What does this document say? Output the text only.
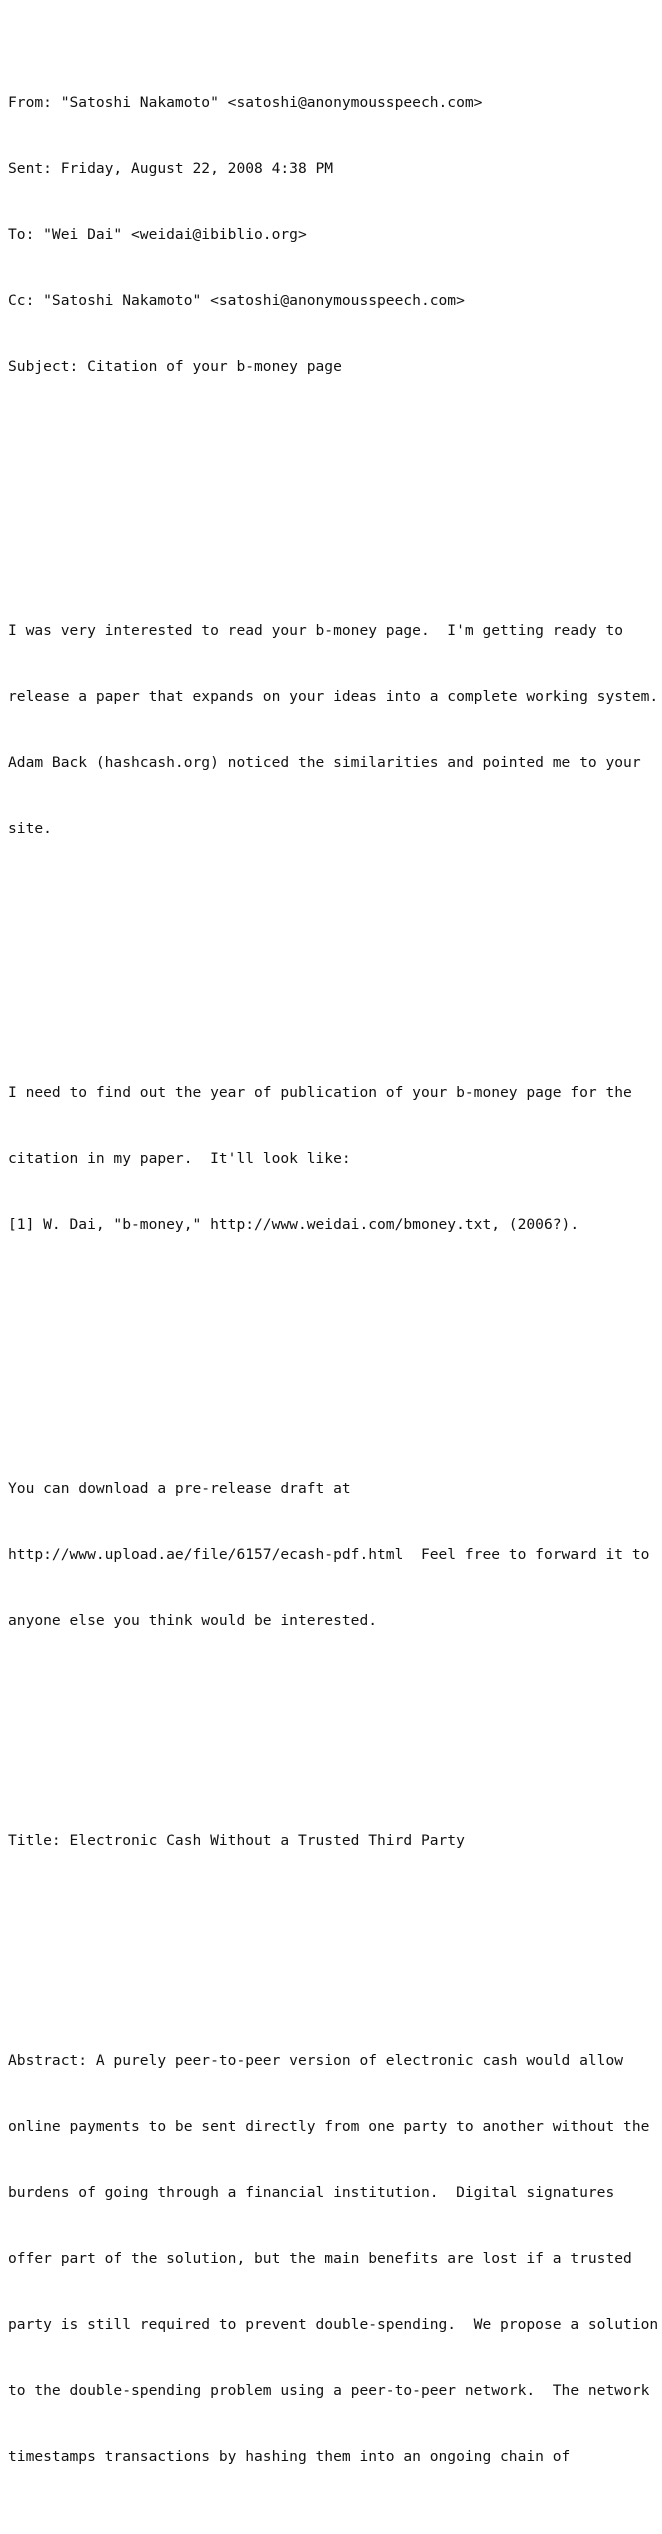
From: "Satoshi Nakamoto" <satoshi@anonymousspeech.com>

Sent: Friday, August 22, 2008 4:38 PM

To: "Wei Dai" <weidai@ibiblio.org>

Cc: "Satoshi Nakamoto" <satoshi@anonymousspeech.com>

Subject: Citation of your b-money page

I was very interested to read your b-money page.  I'm getting ready to

release a paper that expands on your ideas into a complete working system.

Adam Back (hashcash.org) noticed the similarities and pointed me to your

site.

I need to find out the year of publication of your b-money page for the

citation in my paper.  It'll look like:

[1] W. Dai, "b-money," http://www.weidai.com/bmoney.txt, (2006?).

You can download a pre-release draft at

http://www.upload.ae/file/6157/ecash-pdf.html  Feel free to forward it to

anyone else you think would be interested.

Title: Electronic Cash Without a Trusted Third Party

Abstract: A purely peer-to-peer version of electronic cash would allow

online payments to be sent directly from one party to another without the

burdens of going through a financial institution.  Digital signatures

offer part of the solution, but the main benefits are lost if a trusted

party is still required to prevent double-spending.  We propose a solution

to the double-spending problem using a peer-to-peer network.  The network

timestamps transactions by hashing them into an ongoing chain of
